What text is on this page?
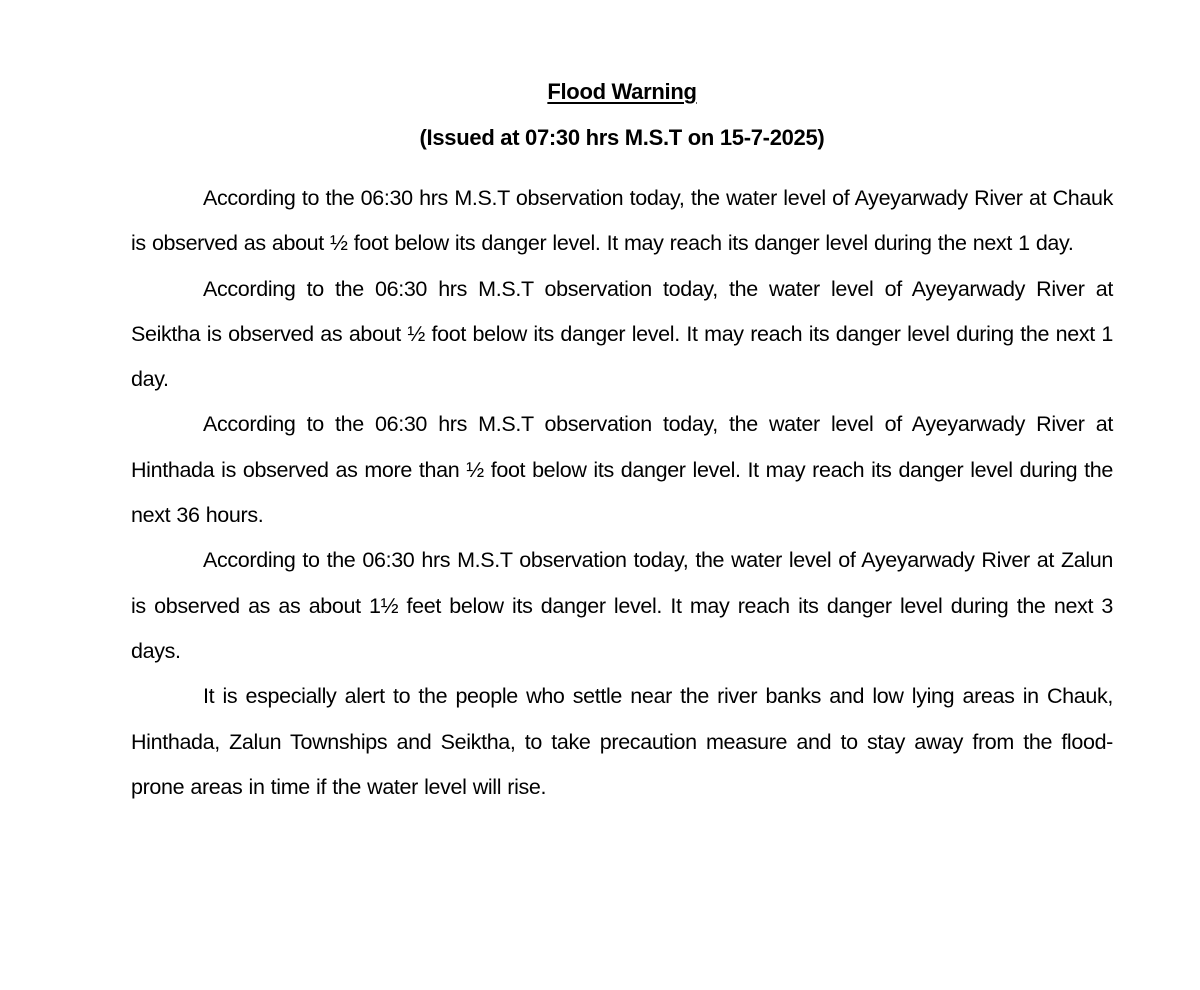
Flood Warning
(Issued at 07:30 hrs M.S.T on 15-7-2025)

According to the 06:30 hrs M.S.T observation today, the water level of Ayeyarwady River at Chauk is observed as about ½ foot below its danger level. It may reach its danger level during the next 1 day.

According to the 06:30 hrs M.S.T observation today, the water level of Ayeyarwady River at Seiktha is observed as about ½ foot below its danger level. It may reach its danger level during the next 1 day.

According to the 06:30 hrs M.S.T observation today, the water level of Ayeyarwady River at Hinthada is observed as more than ½ foot below its danger level. It may reach its danger level during the next 36 hours.

According to the 06:30 hrs M.S.T observation today, the water level of Ayeyarwady River at Zalun is observed as as about 1½ feet below its danger level. It may reach its danger level during the next 3 days.

It is especially alert to the people who settle near the river banks and low lying areas in Chauk, Hinthada, Zalun Townships and Seiktha, to take precaution measure and to stay away from the flood-prone areas in time if the water level will rise.
